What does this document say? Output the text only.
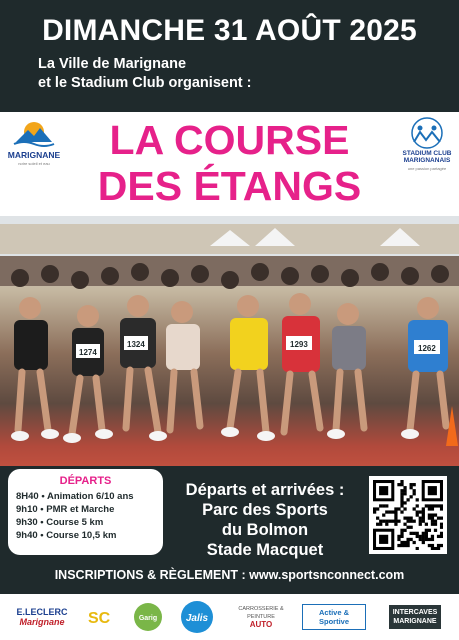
DIMANCHE 31 AOÛT 2025
La Ville de Marignane
et le Stadium Club organisent :
MARIGNANE
notre soleil et eau
LA COURSE
DES ÉTANGS
STADIUM CLUB MARIGNANAIS
une passion partagée
1274
1324	1293	1262
DÉPARTS
8H40 • Animation 6/10 ans
9h10 • PMR et Marche
9h30 • Course 5 km
9h40 • Course 10,5 km
Départs et arrivées :
Parc des Sports
du Bolmon
Stade Macquet
INSCRIPTIONS & RÈGLEMENT : www.sportsnconnect.com
E.LECLERC
Marignane SC	Garig	Jalis
CARROSSERIE & PEINTURE
AUTO
Active & Sportive
INTERCAVES
MARIGNANE
